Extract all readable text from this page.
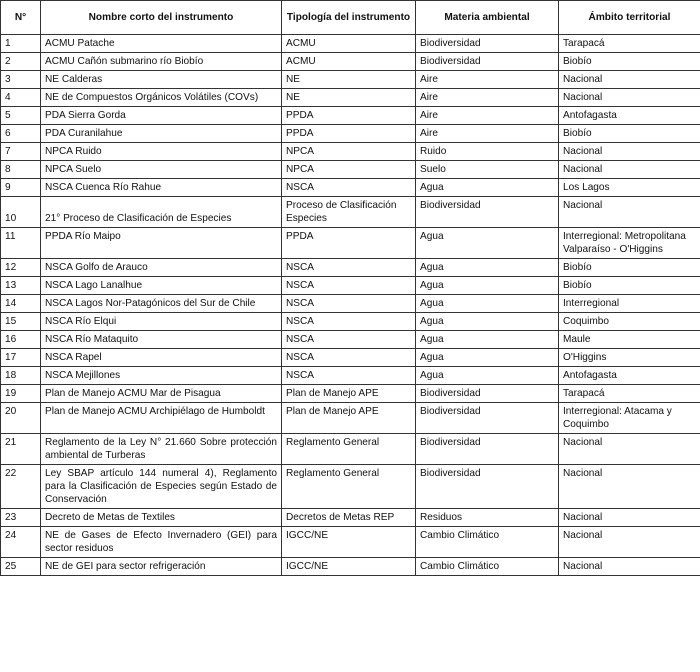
N°	Nombre corto del instrumento	Tipología del instrumento	Materia ambiental	Ámbito territorial
1	ACMU Patache	ACMU	Biodiversidad	Tarapacá
2	ACMU Cañón submarino río Biobío	ACMU	Biodiversidad	Biobío
3	NE Calderas	NE	Aire	Nacional
4	NE de Compuestos Orgánicos Volátiles (COVs)	NE	Aire	Nacional
5	PDA Sierra Gorda	PPDA	Aire	Antofagasta
6	PDA Curanilahue	PPDA	Aire	Biobío
7	NPCA Ruido	NPCA	Ruido	Nacional
8	NPCA Suelo	NPCA	Suelo	Nacional
9	NSCA Cuenca Río Rahue	NSCA	Agua	Los Lagos
10	21° Proceso de Clasificación de Especies	Proceso de Clasificación Especies	Biodiversidad	Nacional
11	PPDA Río Maipo	PPDA	Agua	Interregional: Metropolitana Valparaíso - O'Higgins
12	NSCA Golfo de Arauco	NSCA	Agua	Biobío
13	NSCA Lago Lanalhue	NSCA	Agua	Biobío
14	NSCA Lagos Nor-Patagónicos del Sur de Chile	NSCA	Agua	Interregional
15	NSCA Río Elqui	NSCA	Agua	Coquimbo
16	NSCA Río Mataquito	NSCA	Agua	Maule
17	NSCA Rapel	NSCA	Agua	O'Higgins
18	NSCA Mejillones	NSCA	Agua	Antofagasta
19	Plan de Manejo ACMU Mar de Pisagua	Plan de Manejo APE	Biodiversidad	Tarapacá
20	Plan de Manejo ACMU Archipiélago de Humboldt	Plan de Manejo APE	Biodiversidad	Interregional: Atacama y Coquimbo
21	Reglamento de la Ley N° 21.660 Sobre protección ambiental de Turberas	Reglamento General	Biodiversidad	Nacional
22	Ley SBAP artículo 144 numeral 4), Reglamento para la Clasificación de Especies según Estado de Conservación	Reglamento General	Biodiversidad	Nacional
23	Decreto de Metas de Textiles	Decretos de Metas REP	Residuos	Nacional
24	NE de Gases de Efecto Invernadero (GEI) para sector residuos	IGCC/NE	Cambio Climático	Nacional
25	NE de GEI para sector refrigeración	IGCC/NE	Cambio Climático	Nacional
